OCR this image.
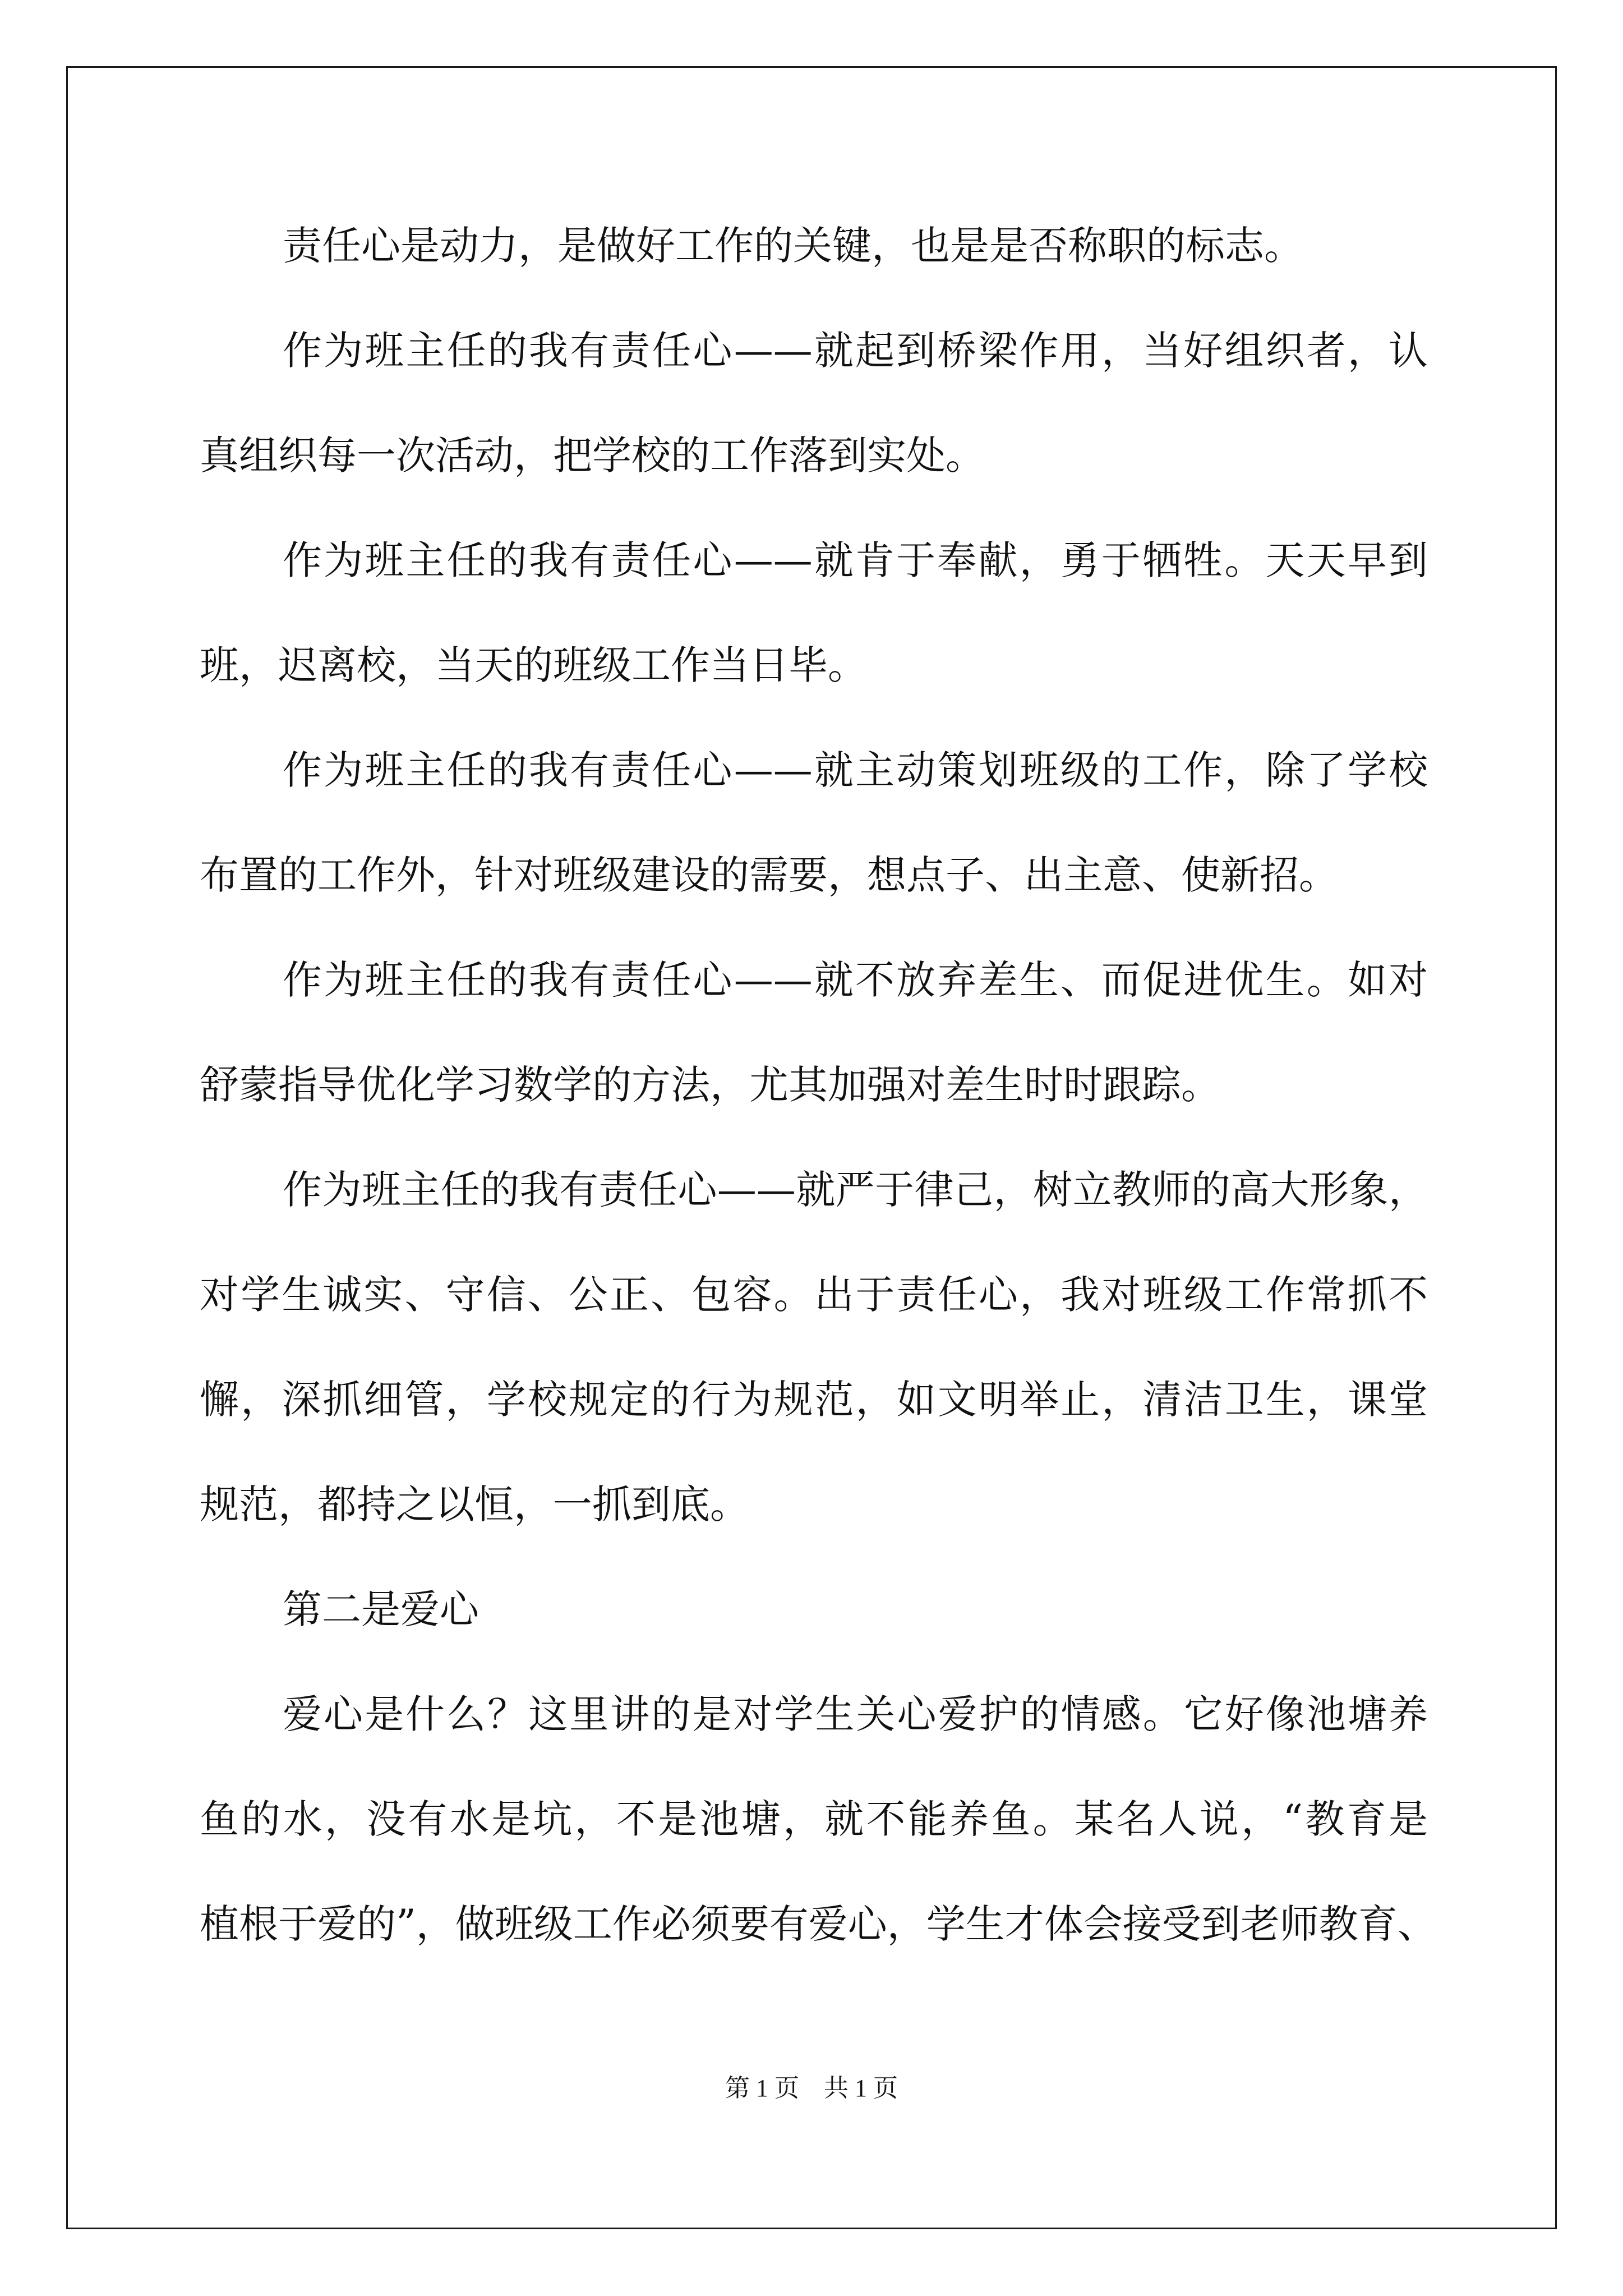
责任心是动力，是做好工作的关键，也是是否称职的标志。
作为班主任的我有责任心——就起到桥梁作用，当好组织者，认
真组织每一次活动，把学校的工作落到实处。
作为班主任的我有责任心——就肯于奉献，勇于牺牲。天天早到
班，迟离校，当天的班级工作当日毕。
作为班主任的我有责任心——就主动策划班级的工作，除了学校
布置的工作外，针对班级建设的需要，想点子、出主意、使新招。
作为班主任的我有责任心——就不放弃差生、而促进优生。如对
舒蒙指导优化学习数学的方法，尤其加强对差生时时跟踪。
作为班主任的我有责任心——就严于律己，树立教师的高大形象，
对学生诚实、守信、公正、包容。出于责任心，我对班级工作常抓不
懈，深抓细管，学校规定的行为规范，如文明举止，清洁卫生，课堂
规范，都持之以恒，一抓到底。
第二是爱心
爱心是什么？这里讲的是对学生关心爱护的情感。它好像池塘养
鱼的水，没有水是坑，不是池塘，就不能养鱼。某名人说，“教育是
植根于爱的”，做班级工作必须要有爱心，学生才体会接受到老师教育、
第 1 页    共 1 页
